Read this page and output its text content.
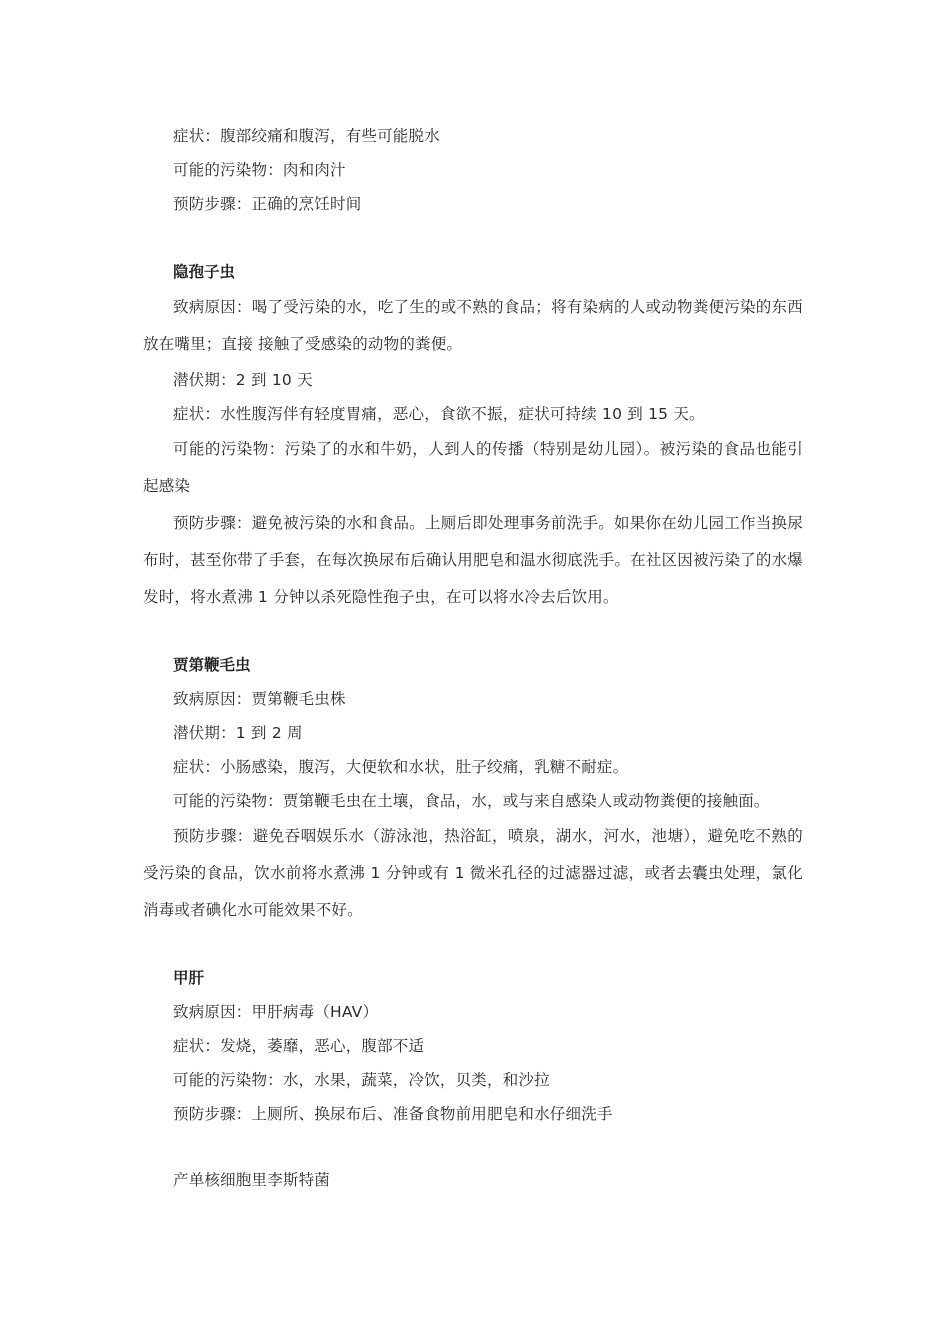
症状：腹部绞痛和腹泻，有些可能脱水

可能的污染物：肉和肉汁

预防步骤：正确的烹饪时间

隐孢子虫

致病原因：喝了受污染的水，吃了生的或不熟的食品；将有染病的人或动物粪便污染的东西放在嘴里；直接 接触了受感染的动物的粪便。

潜伏期：2 到 10 天

症状：水性腹泻伴有轻度胃痛，恶心，食欲不振，症状可持续 10 到 15 天。

可能的污染物：污染了的水和牛奶，人到人的传播（特别是幼儿园）。被污染的食品也能引起感染

预防步骤：避免被污染的水和食品。上厕后即处理事务前洗手。如果你在幼儿园工作当换尿布时，甚至你带了手套，在每次换尿布后确认用肥皂和温水彻底洗手。在社区因被污染了的水爆发时，将水煮沸 1 分钟以杀死隐性孢子虫，在可以将水冷去后饮用。

贾第鞭毛虫

致病原因：贾第鞭毛虫株

潜伏期：1 到 2 周

症状：小肠感染，腹泻，大便软和水状，肚子绞痛，乳糖不耐症。

可能的污染物：贾第鞭毛虫在土壤，食品，水，或与来自感染人或动物粪便的接触面。

预防步骤：避免吞咽娱乐水（游泳池，热浴缸，喷泉，湖水，河水，池塘），避免吃不熟的受污染的食品，饮水前将水煮沸 1 分钟或有 1 微米孔径的过滤器过滤，或者去囊虫处理，氯化消毒或者碘化水可能效果不好。

甲肝

致病原因：甲肝病毒（HAV）

症状：发烧，萎靡，恶心，腹部不适

可能的污染物：水，水果，蔬菜，冷饮，贝类，和沙拉

预防步骤：上厕所、换尿布后、准备食物前用肥皂和水仔细洗手

产单核细胞里李斯特菌
